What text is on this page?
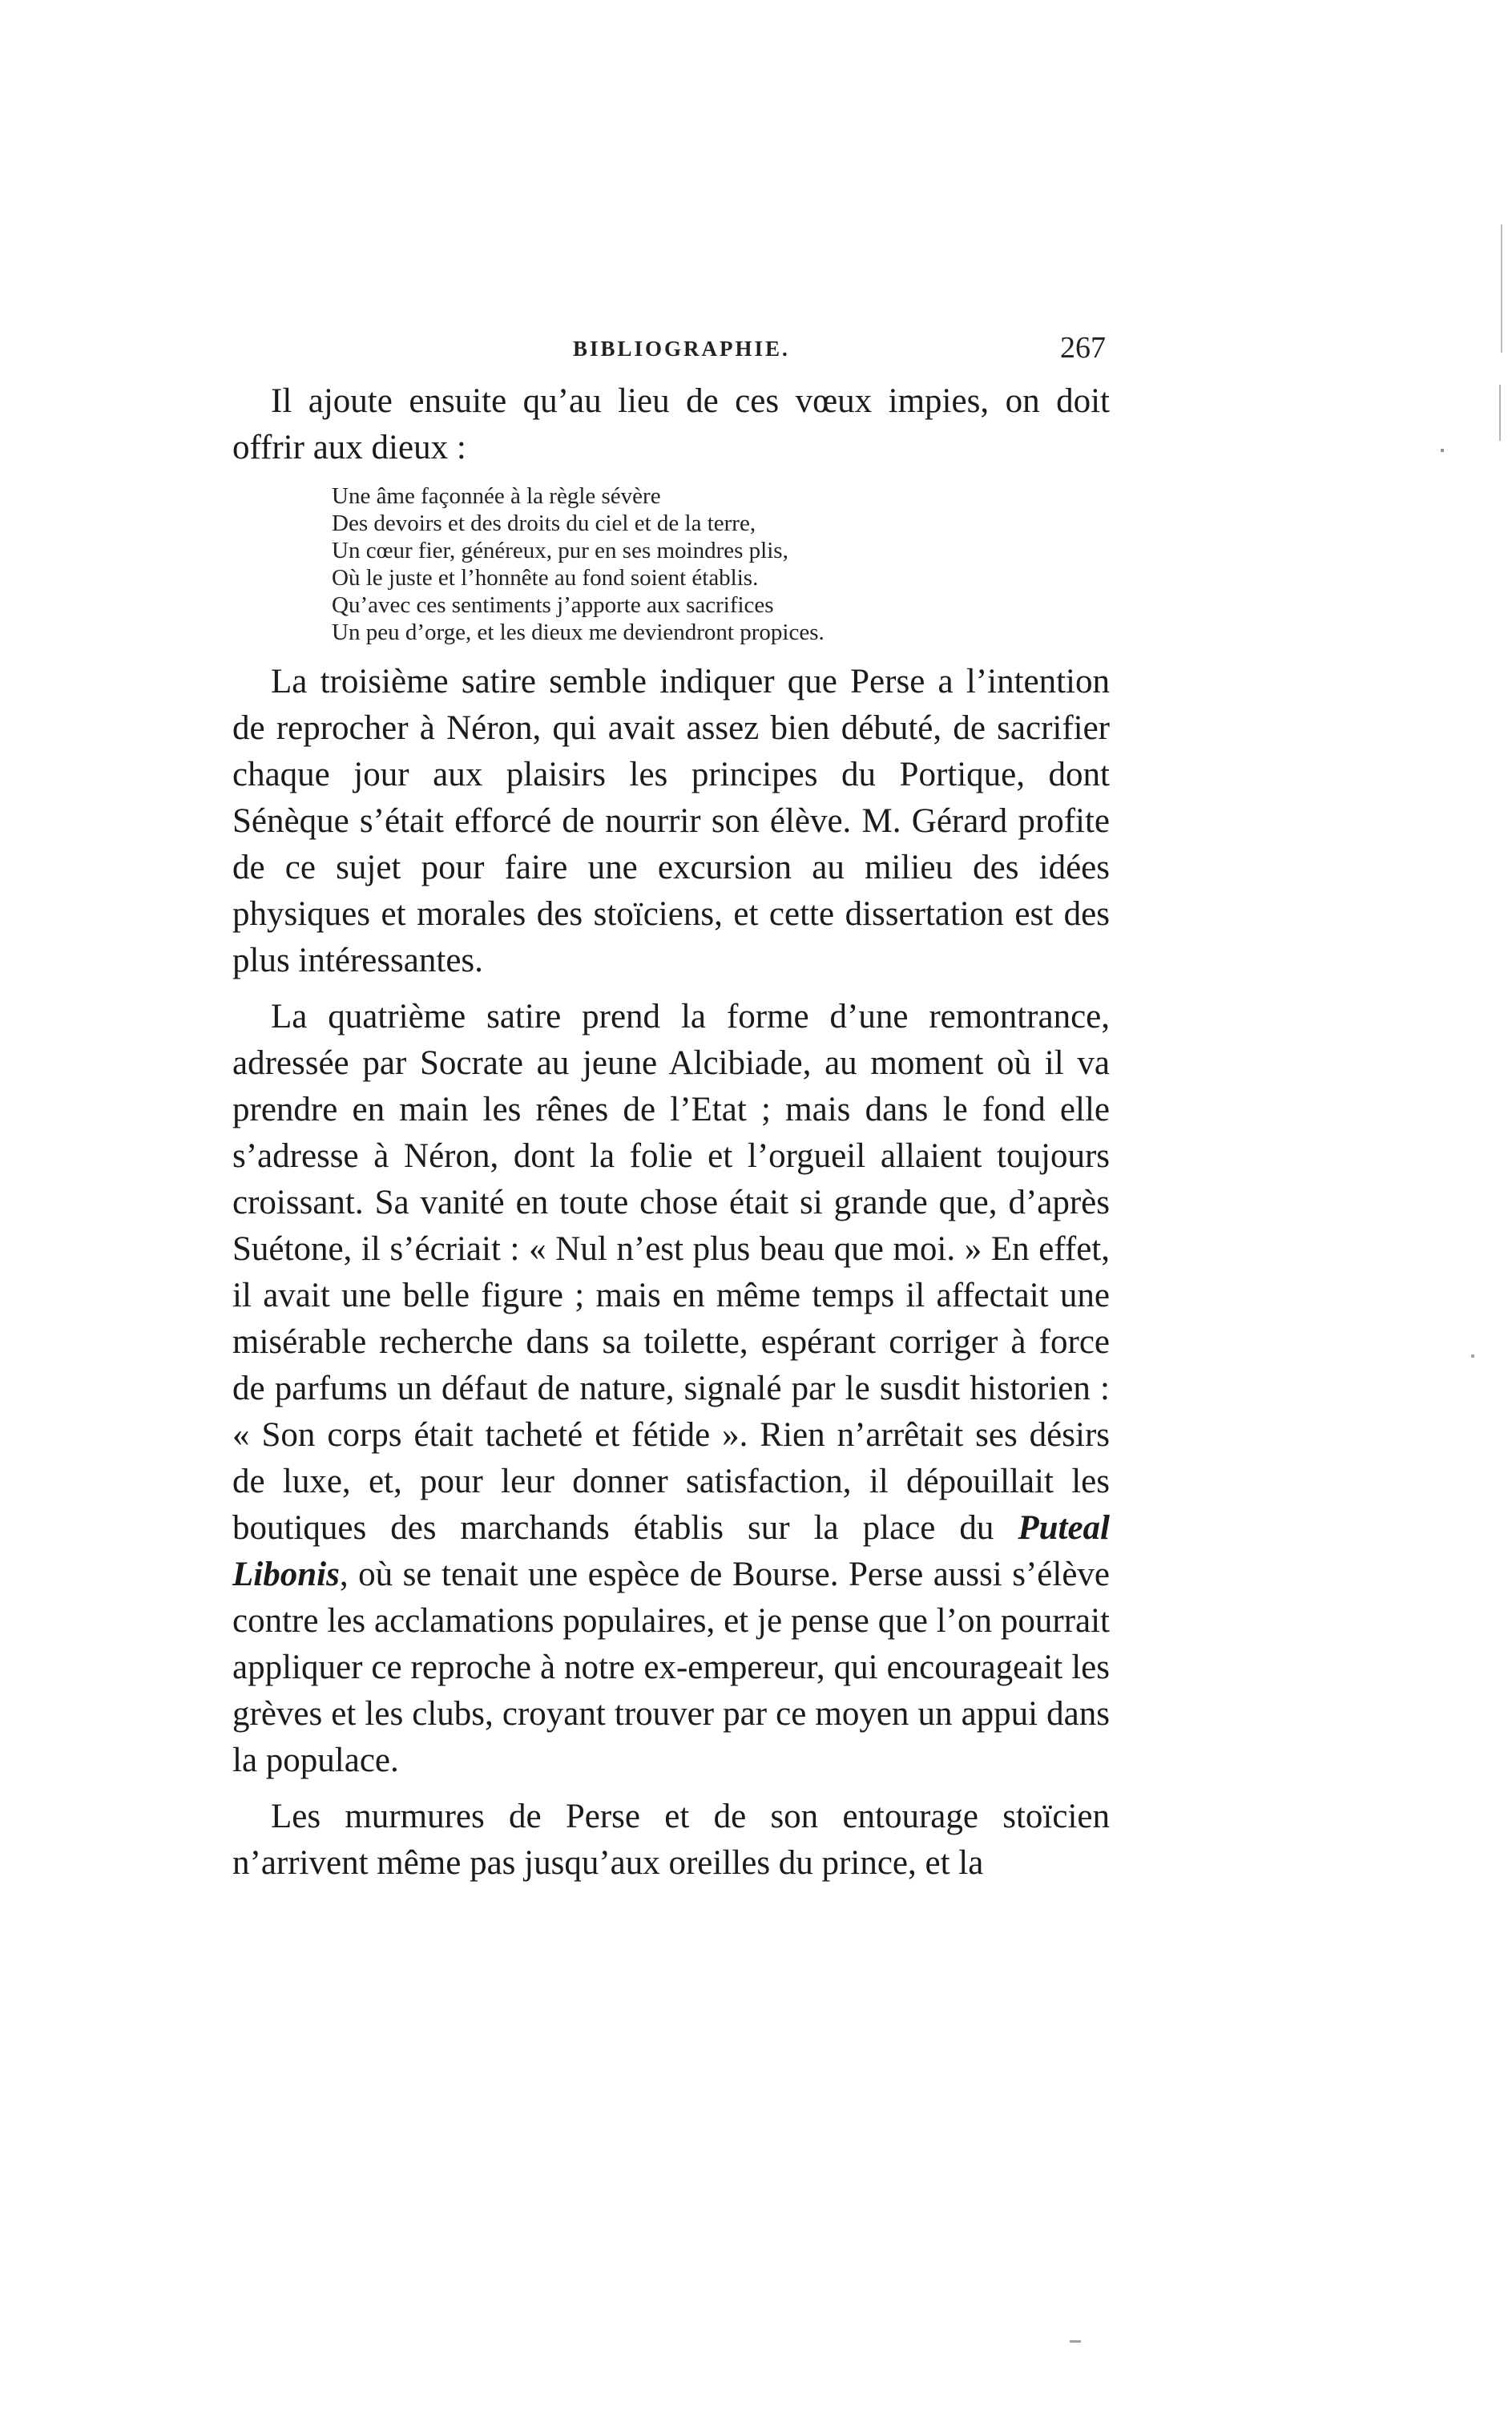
BIBLIOGRAPHIE.	267

Il ajoute ensuite qu’au lieu de ces vœux impies, on doit offrir aux dieux :

Une âme façonnée à la règle sévère
Des devoirs et des droits du ciel et de la terre,
Un cœur fier, généreux, pur en ses moindres plis,
Où le juste et l’honnête au fond soient établis.
Qu’avec ces sentiments j’apporte aux sacrifices
Un peu d’orge, et les dieux me deviendront propices.

La troisième satire semble indiquer que Perse a l’intention de reprocher à Néron, qui avait assez bien débuté, de sacrifier chaque jour aux plaisirs les principes du Portique, dont Sénèque s’était efforcé de nourrir son élève. M. Gérard profite de ce sujet pour faire une excursion au milieu des idées physiques et morales des stoïciens, et cette dissertation est des plus intéressantes.

La quatrième satire prend la forme d’une remontrance, adressée par Socrate au jeune Alcibiade, au moment où il va prendre en main les rênes de l’Etat ; mais dans le fond elle s’adresse à Néron, dont la folie et l’orgueil allaient toujours croissant. Sa vanité en toute chose était si grande que, d’après Suétone, il s’écriait : « Nul n’est plus beau que moi. » En effet, il avait une belle figure ; mais en même temps il affectait une misérable recherche dans sa toilette, espérant corriger à force de parfums un défaut de nature, signalé par le susdit historien : « Son corps était tacheté et fétide ». Rien n’arrêtait ses désirs de luxe, et, pour leur donner satisfaction, il dépouillait les boutiques des marchands établis sur la place du Puteal Libonis, où se tenait une espèce de Bourse. Perse aussi s’élève contre les acclamations populaires, et je pense que l’on pourrait appliquer ce reproche à notre ex-empereur, qui encourageait les grèves et les clubs, croyant trouver par ce moyen un appui dans la populace.

Les murmures de Perse et de son entourage stoïcien n’arrivent même pas jusqu’aux oreilles du prince, et la
